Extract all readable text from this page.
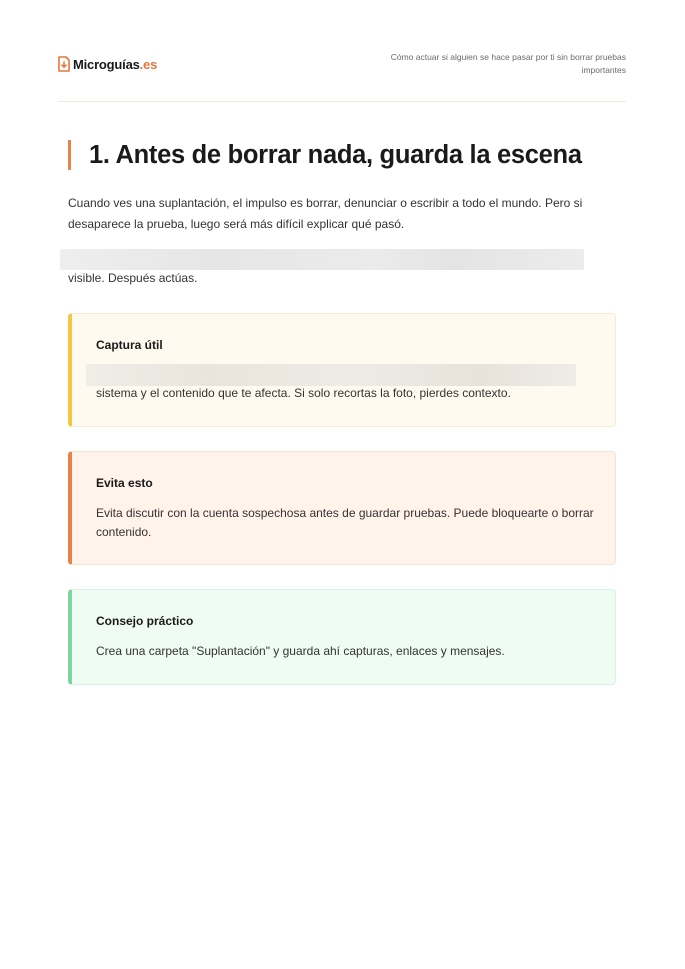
Microguías.es	Cómo actuar si alguien se hace pasar por ti sin borrar pruebas
importantes
1. Antes de borrar nada, guarda la escena

Cuando ves una suplantación, el impulso es borrar, denunciar o escribir a todo el mundo. Pero si desaparece la prueba, luego será más difícil explicar qué pasó.

visible. Después actúas.

Captura útil
sistema y el contenido que te afecta. Si solo recortas la foto, pierdes contexto.
Evita esto
Evita discutir con la cuenta sospechosa antes de guardar pruebas. Puede bloquearte o borrar contenido.
Consejo práctico
Crea una carpeta "Suplantación" y guarda ahí capturas, enlaces y mensajes.
